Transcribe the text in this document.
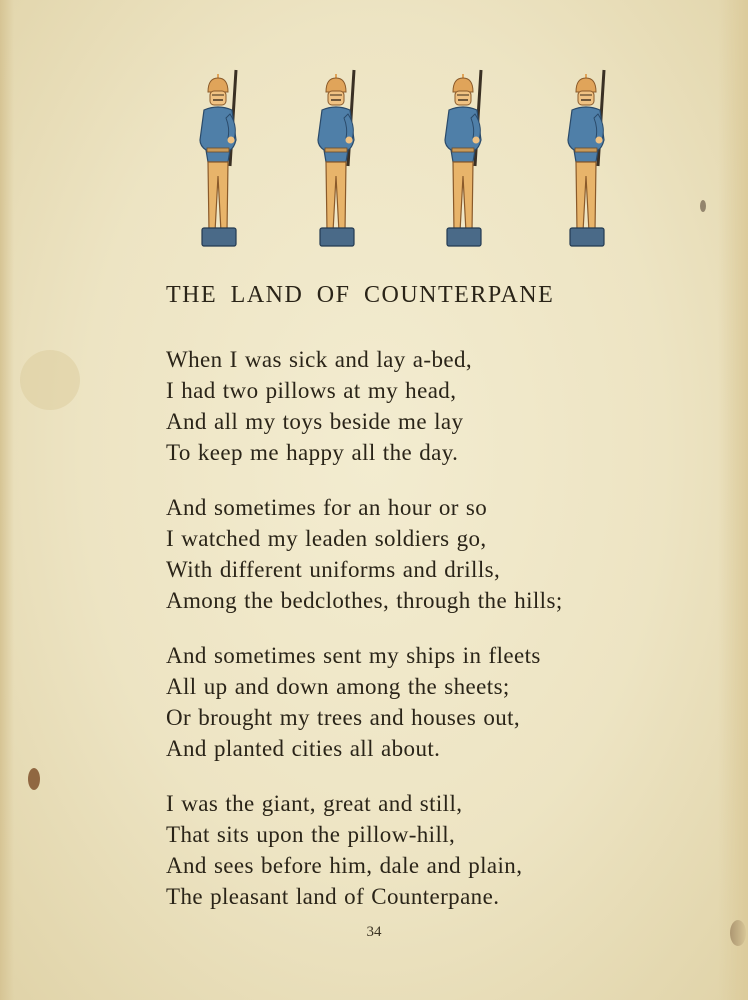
THE LAND OF COUNTERPANE
When I was sick and lay a-bed,
I had two pillows at my head,
And all my toys beside me lay
To keep me happy all the day.
And sometimes for an hour or so
I watched my leaden soldiers go,
With different uniforms and drills,
Among the bedclothes, through the hills;
And sometimes sent my ships in fleets
All up and down among the sheets;
Or brought my trees and houses out,
And planted cities all about.
I was the giant, great and still,
That sits upon the pillow-hill,
And sees before him, dale and plain,
The pleasant land of Counterpane.
34
